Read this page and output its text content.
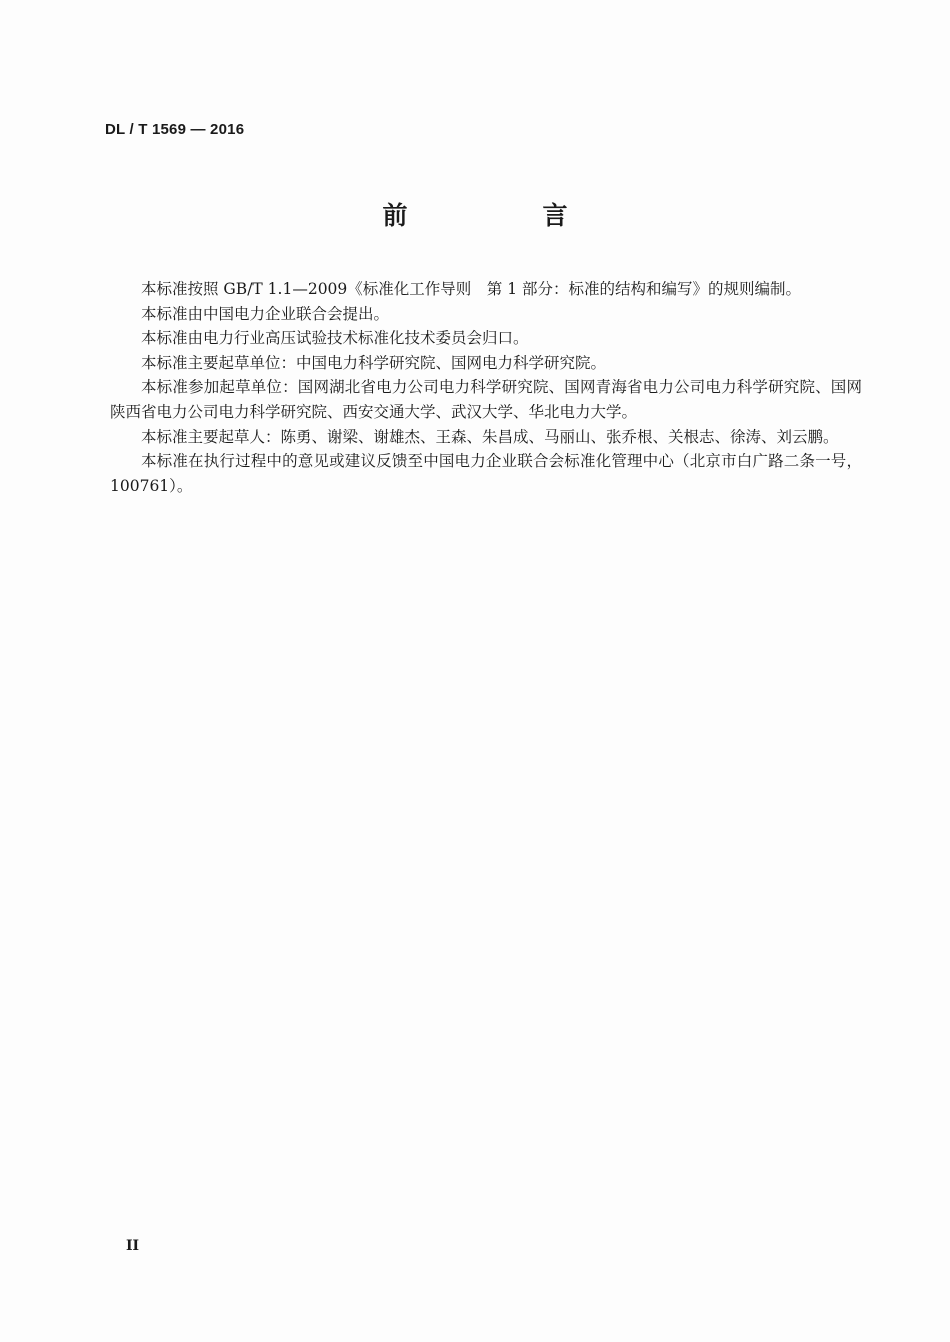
DL / T 1569 — 2016
前　言

本标准按照 GB/T 1.1—2009《标准化工作导则　第 1 部分：标准的结构和编写》的规则编制。

本标准由中国电力企业联合会提出。

本标准由电力行业高压试验技术标准化技术委员会归口。

本标准主要起草单位：中国电力科学研究院、国网电力科学研究院。

本标准参加起草单位：国网湖北省电力公司电力科学研究院、国网青海省电力公司电力科学研究院、国网陕西省电力公司电力科学研究院、西安交通大学、武汉大学、华北电力大学。

本标准主要起草人：陈勇、谢梁、谢雄杰、王森、朱昌成、马丽山、张乔根、关根志、徐涛、刘云鹏。

本标准在执行过程中的意见或建议反馈至中国电力企业联合会标准化管理中心（北京市白广路二条一号，100761）。

II
